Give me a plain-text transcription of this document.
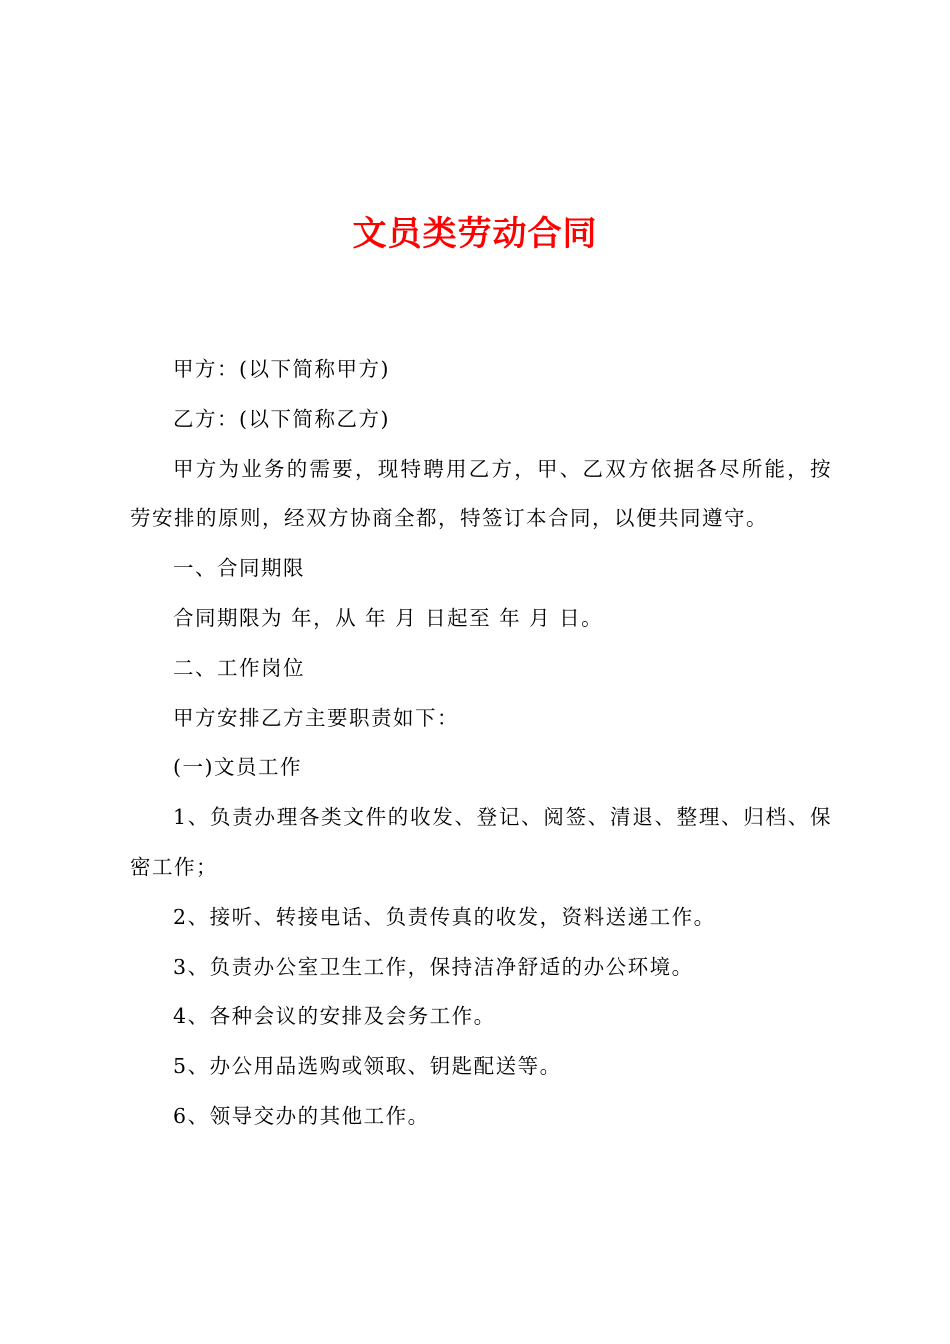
文员类劳动合同

甲方：(以下简称甲方)

乙方：(以下简称乙方)

甲方为业务的需要，现特聘用乙方，甲、乙双方依据各尽所能，按劳安排的原则，经双方协商全都，特签订本合同，以便共同遵守。

一、合同期限

合同期限为 年，从 年 月 日起至 年 月 日。

二、工作岗位

甲方安排乙方主要职责如下：

(一)文员工作

1、负责办理各类文件的收发、登记、阅签、清退、整理、归档、保密工作；

2、接听、转接电话、负责传真的收发，资料送递工作。

3、负责办公室卫生工作，保持洁净舒适的办公环境。

4、各种会议的安排及会务工作。

5、办公用品选购或领取、钥匙配送等。

6、领导交办的其他工作。
